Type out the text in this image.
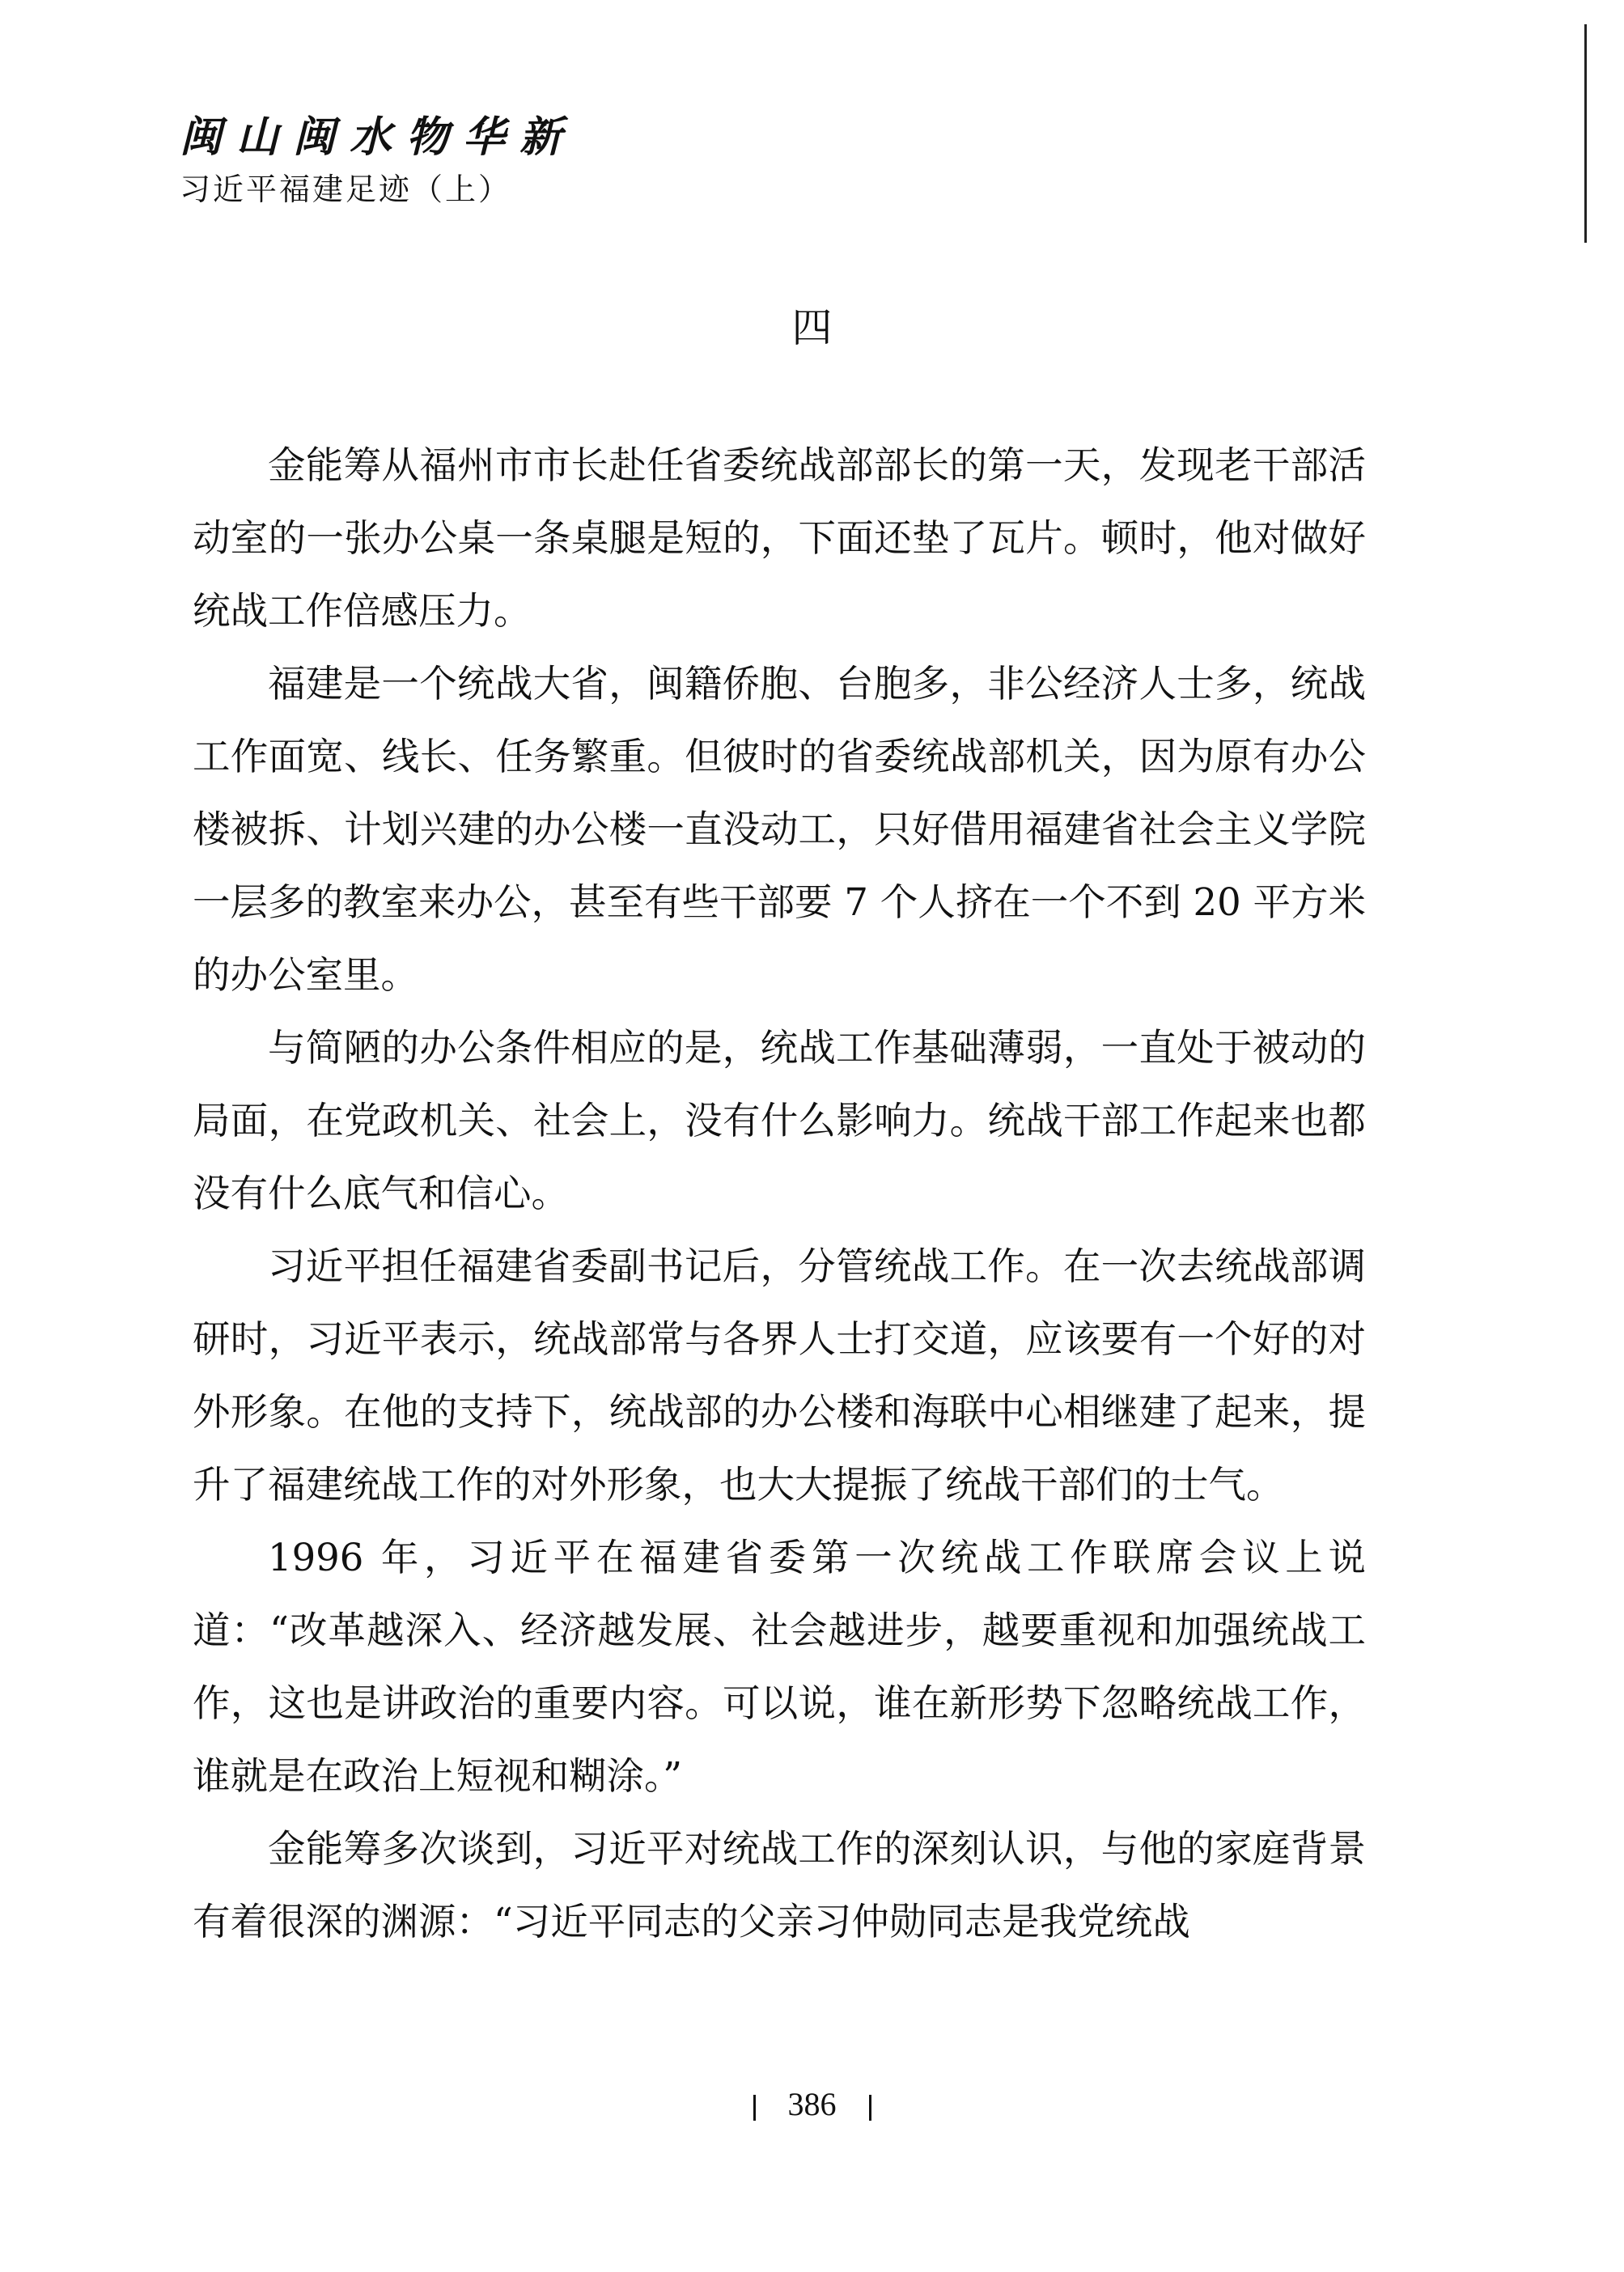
闽山闽水物华新
习近平福建足迹（上）
四

金能筹从福州市市长赴任省委统战部部长的第一天，发现老干部活动室的一张办公桌一条桌腿是短的，下面还垫了瓦片。顿时，他对做好统战工作倍感压力。

福建是一个统战大省，闽籍侨胞、台胞多，非公经济人士多，统战工作面宽、线长、任务繁重。但彼时的省委统战部机关，因为原有办公楼被拆、计划兴建的办公楼一直没动工，只好借用福建省社会主义学院一层多的教室来办公，甚至有些干部要 7 个人挤在一个不到 20 平方米的办公室里。

与简陋的办公条件相应的是，统战工作基础薄弱，一直处于被动的局面，在党政机关、社会上，没有什么影响力。统战干部工作起来也都没有什么底气和信心。

习近平担任福建省委副书记后，分管统战工作。在一次去统战部调研时，习近平表示，统战部常与各界人士打交道，应该要有一个好的对外形象。在他的支持下，统战部的办公楼和海联中心相继建了起来，提升了福建统战工作的对外形象，也大大提振了统战干部们的士气。

1996 年，习近平在福建省委第一次统战工作联席会议上说道：“改革越深入、经济越发展、社会越进步，越要重视和加强统战工作，这也是讲政治的重要内容。可以说，谁在新形势下忽略统战工作，谁就是在政治上短视和糊涂。”

金能筹多次谈到，习近平对统战工作的深刻认识，与他的家庭背景有着很深的渊源：“习近平同志的父亲习仲勋同志是我党统战

386
